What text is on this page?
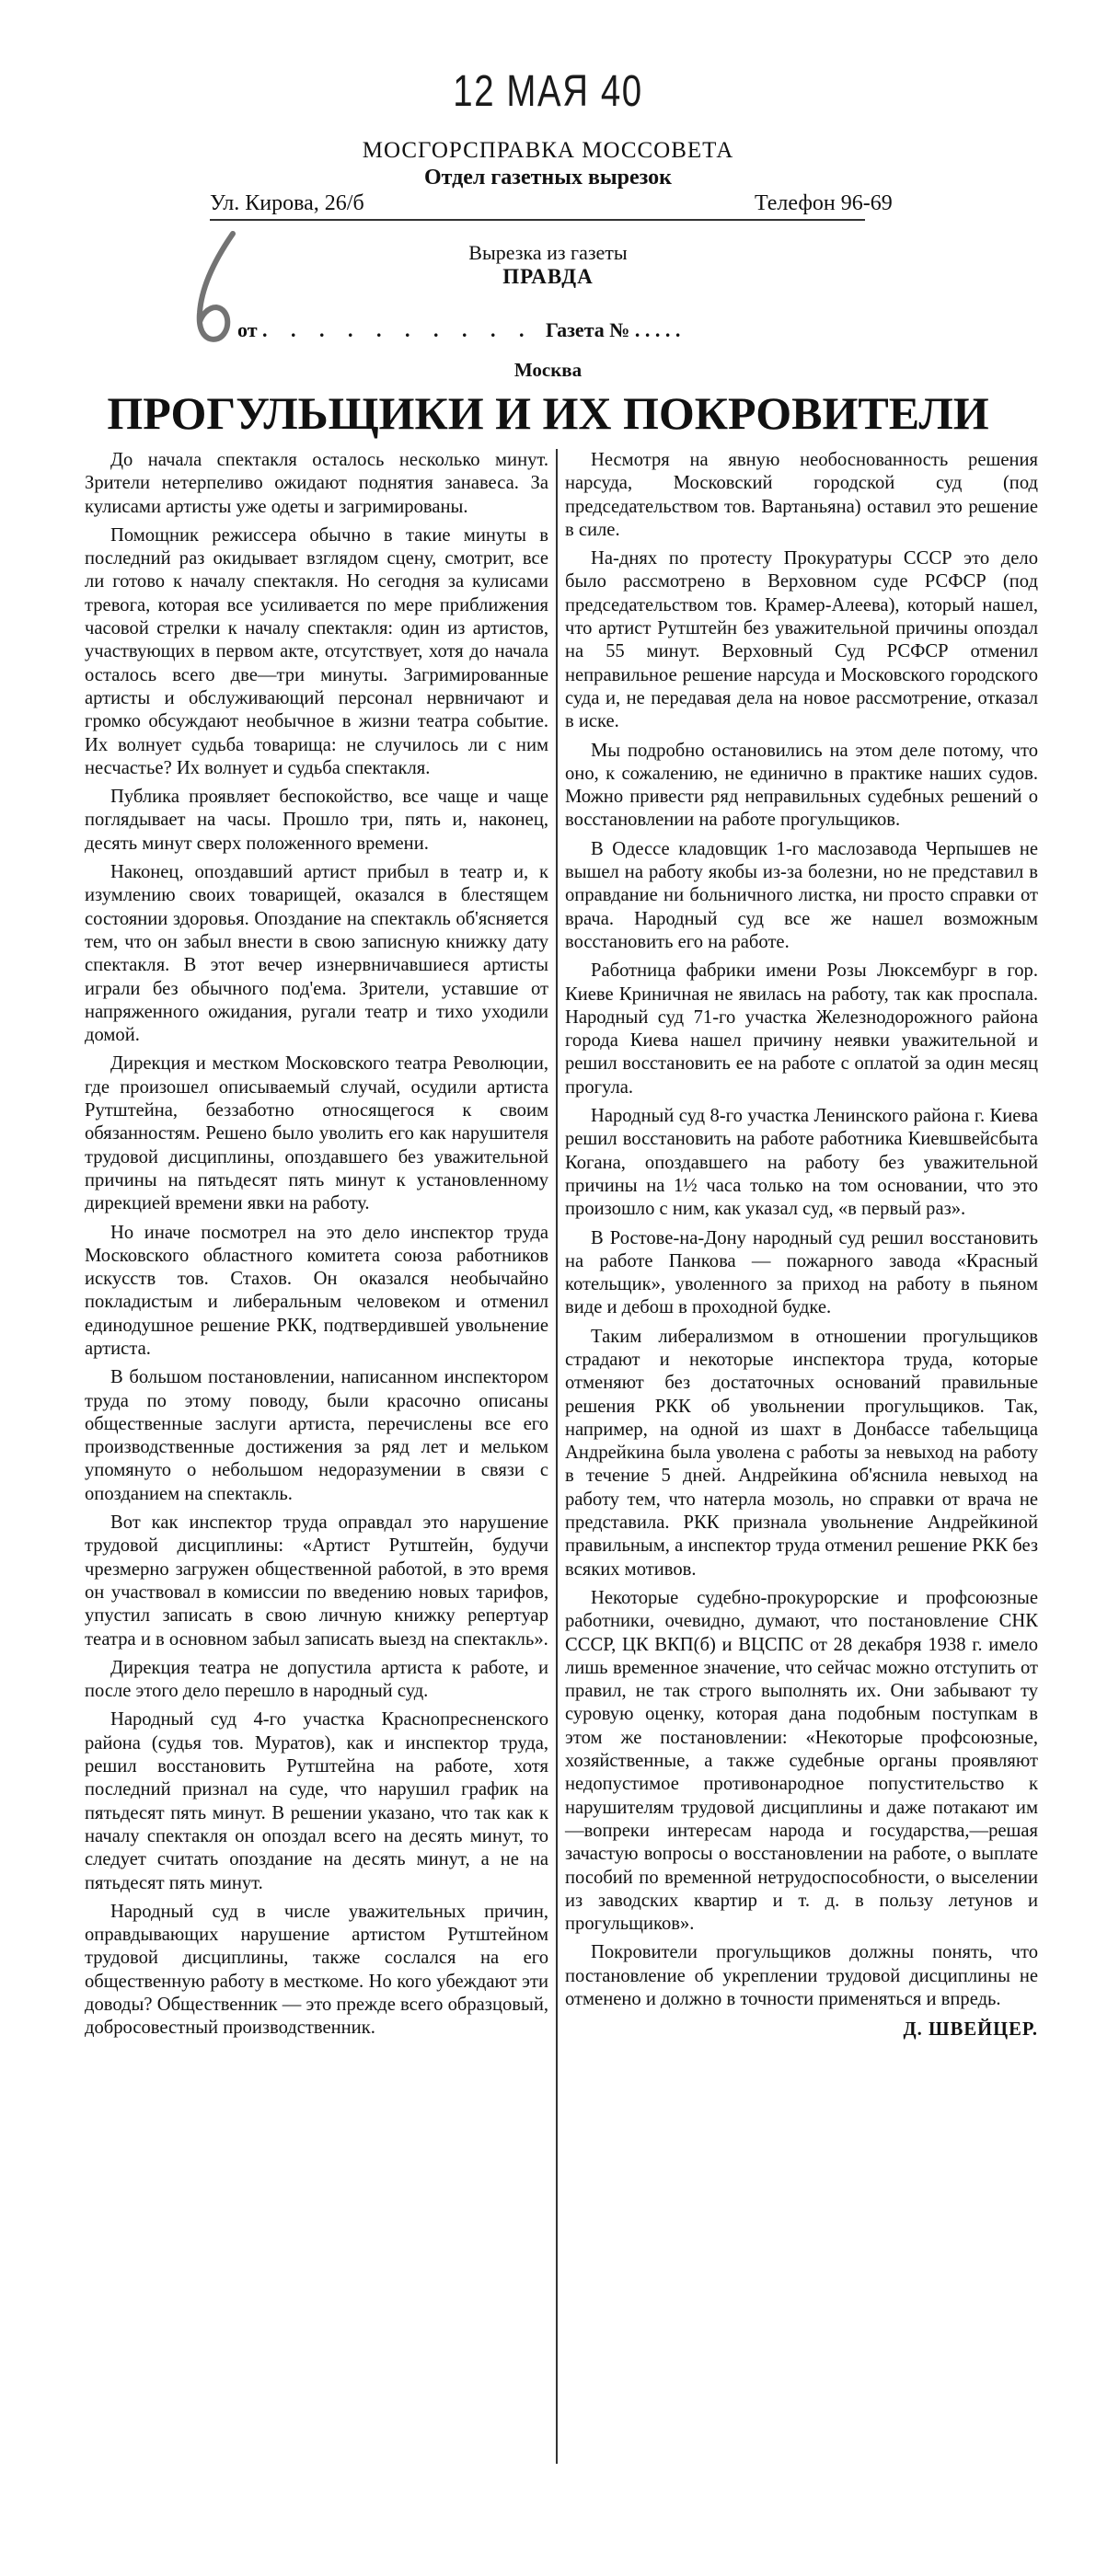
12 МАЯ 40
МОСГОРСПРАВКА МОССОВЕТА
Отдел газетных вырезок
Ул. Кирова, 26/б	Телефон 96-69
Вырезка из газеты
ПРАВДА
от . . . . . . . . . . Газета № . . . . .
Москва
ПРОГУЛЬЩИКИ И ИХ ПОКРОВИТЕЛИ

До начала спектакля осталось несколько минут. Зрители нетерпеливо ожидают поднятия занавеса. За кулисами артисты уже одеты и загримированы.

Помощник режиссера обычно в такие минуты в последний раз окидывает взглядом сцену, смотрит, все ли готово к началу спектакля. Но сегодня за кулисами тревога, которая все усиливается по мере приближения часовой стрелки к началу спектакля: один из артистов, участвующих в первом акте, отсутствует, хотя до начала осталось всего две—три минуты. Загримированные артисты и обслуживающий персонал нервничают и громко обсуждают необычное в жизни театра событие. Их волнует судьба товарища: не случилось ли с ним несчастье? Их волнует и судьба спектакля.

Публика проявляет беспокойство, все чаще и чаще поглядывает на часы. Прошло три, пять и, наконец, десять минут сверх положенного времени.

Наконец, опоздавший артист прибыл в театр и, к изумлению своих товарищей, оказался в блестящем состоянии здоровья. Опоздание на спектакль об'ясняется тем, что он забыл внести в свою записную книжку дату спектакля. В этот вечер изнервничавшиеся артисты играли без обычного под'ема. Зрители, уставшие от напряженного ожидания, ругали театр и тихо уходили домой.

Дирекция и местком Московского театра Революции, где произошел описываемый случай, осудили артиста Рутштейна, беззаботно относящегося к своим обязанностям. Решено было уволить его как нарушителя трудовой дисциплины, опоздавшего без уважительной причины на пятьдесят пять минут к установленному дирекцией времени явки на работу.

Но иначе посмотрел на это дело инспектор труда Московского областного комитета союза работников искусств тов. Стахов. Он оказался необычайно покладистым и либеральным человеком и отменил единодушное решение РКК, подтвердившей увольнение артиста.

В большом постановлении, написанном инспектором труда по этому поводу, были красочно описаны общественные заслуги артиста, перечислены все его производственные достижения за ряд лет и мельком упомянуто о небольшом недоразумении в связи с опозданием на спектакль.

Вот как инспектор труда оправдал это нарушение трудовой дисциплины: «Артист Рутштейн, будучи чрезмерно загружен общественной работой, в это время он участвовал в комиссии по введению новых тарифов, упустил записать в свою личную книжку репертуар театра и в основном забыл записать выезд на спектакль».

Дирекция театра не допустила артиста к работе, и после этого дело перешло в народный суд.

Народный суд 4-го участка Краснопресненского района (судья тов. Муратов), как и инспектор труда, решил восстановить Рутштейна на работе, хотя последний признал на суде, что нарушил график на пятьдесят пять минут. В решении указано, что так как к началу спектакля он опоздал всего на десять минут, то следует считать опоздание на десять минут, а не на пятьдесят пять минут.

Народный суд в числе уважительных причин, оправдывающих нарушение артистом Рутштейном трудовой дисциплины, также сослался на его общественную работу в месткоме. Но кого убеждают эти доводы? Общественник — это прежде всего образцовый, добросовестный производственник.

Несмотря на явную необоснованность решения нарсуда, Московский городской суд (под председательством тов. Вартаньяна) оставил это решение в силе.

На-днях по протесту Прокуратуры СССР это дело было рассмотрено в Верховном суде РСФСР (под председательством тов. Крамер-Алеева), который нашел, что артист Рутштейн без уважительной причины опоздал на 55 минут. Верховный Суд РСФСР отменил неправильное решение нарсуда и Московского городского суда и, не передавая дела на новое рассмотрение, отказал в иске.

Мы подробно остановились на этом деле потому, что оно, к сожалению, не единично в практике наших судов. Можно привести ряд неправильных судебных решений о восстановлении на работе прогульщиков.

В Одессе кладовщик 1-го маслозавода Черпышев не вышел на работу якобы из-за болезни, но не представил в оправдание ни больничного листка, ни просто справки от врача. Народный суд все же нашел возможным восстановить его на работе.

Работница фабрики имени Розы Люксембург в гор. Киеве Криничная не явилась на работу, так как проспала. Народный суд 71-го участка Железнодорожного района города Киева нашел причину неявки уважительной и решил восстановить ее на работе с оплатой за один месяц прогула.

Народный суд 8-го участка Ленинского района г. Киева решил восстановить на работе работника Киевшвейсбыта Когана, опоздавшего на работу без уважительной причины на 1½ часа только на том основании, что это произошло с ним, как указал суд, «в первый раз».

В Ростове-на-Дону народный суд решил восстановить на работе Панкова — пожарного завода «Красный котельщик», уволенного за приход на работу в пьяном виде и дебош в проходной будке.

Таким либерализмом в отношении прогульщиков страдают и некоторые инспектора труда, которые отменяют без достаточных оснований правильные решения РКК об увольнении прогульщиков. Так, например, на одной из шахт в Донбассе табельщица Андрейкина была уволена с работы за невыход на работу в течение 5 дней. Андрейкина об'яснила невыход на работу тем, что натерла мозоль, но справки от врача не представила. РКК признала увольнение Андрейкиной правильным, а инспектор труда отменил решение РКК без всяких мотивов.

Некоторые судебно-прокурорские и профсоюзные работники, очевидно, думают, что постановление СНК СССР, ЦК ВКП(б) и ВЦСПС от 28 декабря 1938 г. имело лишь временное значение, что сейчас можно отступить от правил, не так строго выполнять их. Они забывают ту суровую оценку, которая дана подобным поступкам в этом же постановлении: «Некоторые профсоюзные, хозяйственные, а также судебные органы проявляют недопустимое противонародное попустительство к нарушителям трудовой дисциплины и даже потакают им—вопреки интересам народа и государства,—решая зачастую вопросы о восстановлении на работе, о выплате пособий по временной нетрудоспособности, о выселении из заводских квартир и т. д. в пользу летунов и прогульщиков».

Покровители прогульщиков должны понять, что постановление об укреплении трудовой дисциплины не отменено и должно в точности применяться и впредь.

Д. ШВЕЙЦЕР.
